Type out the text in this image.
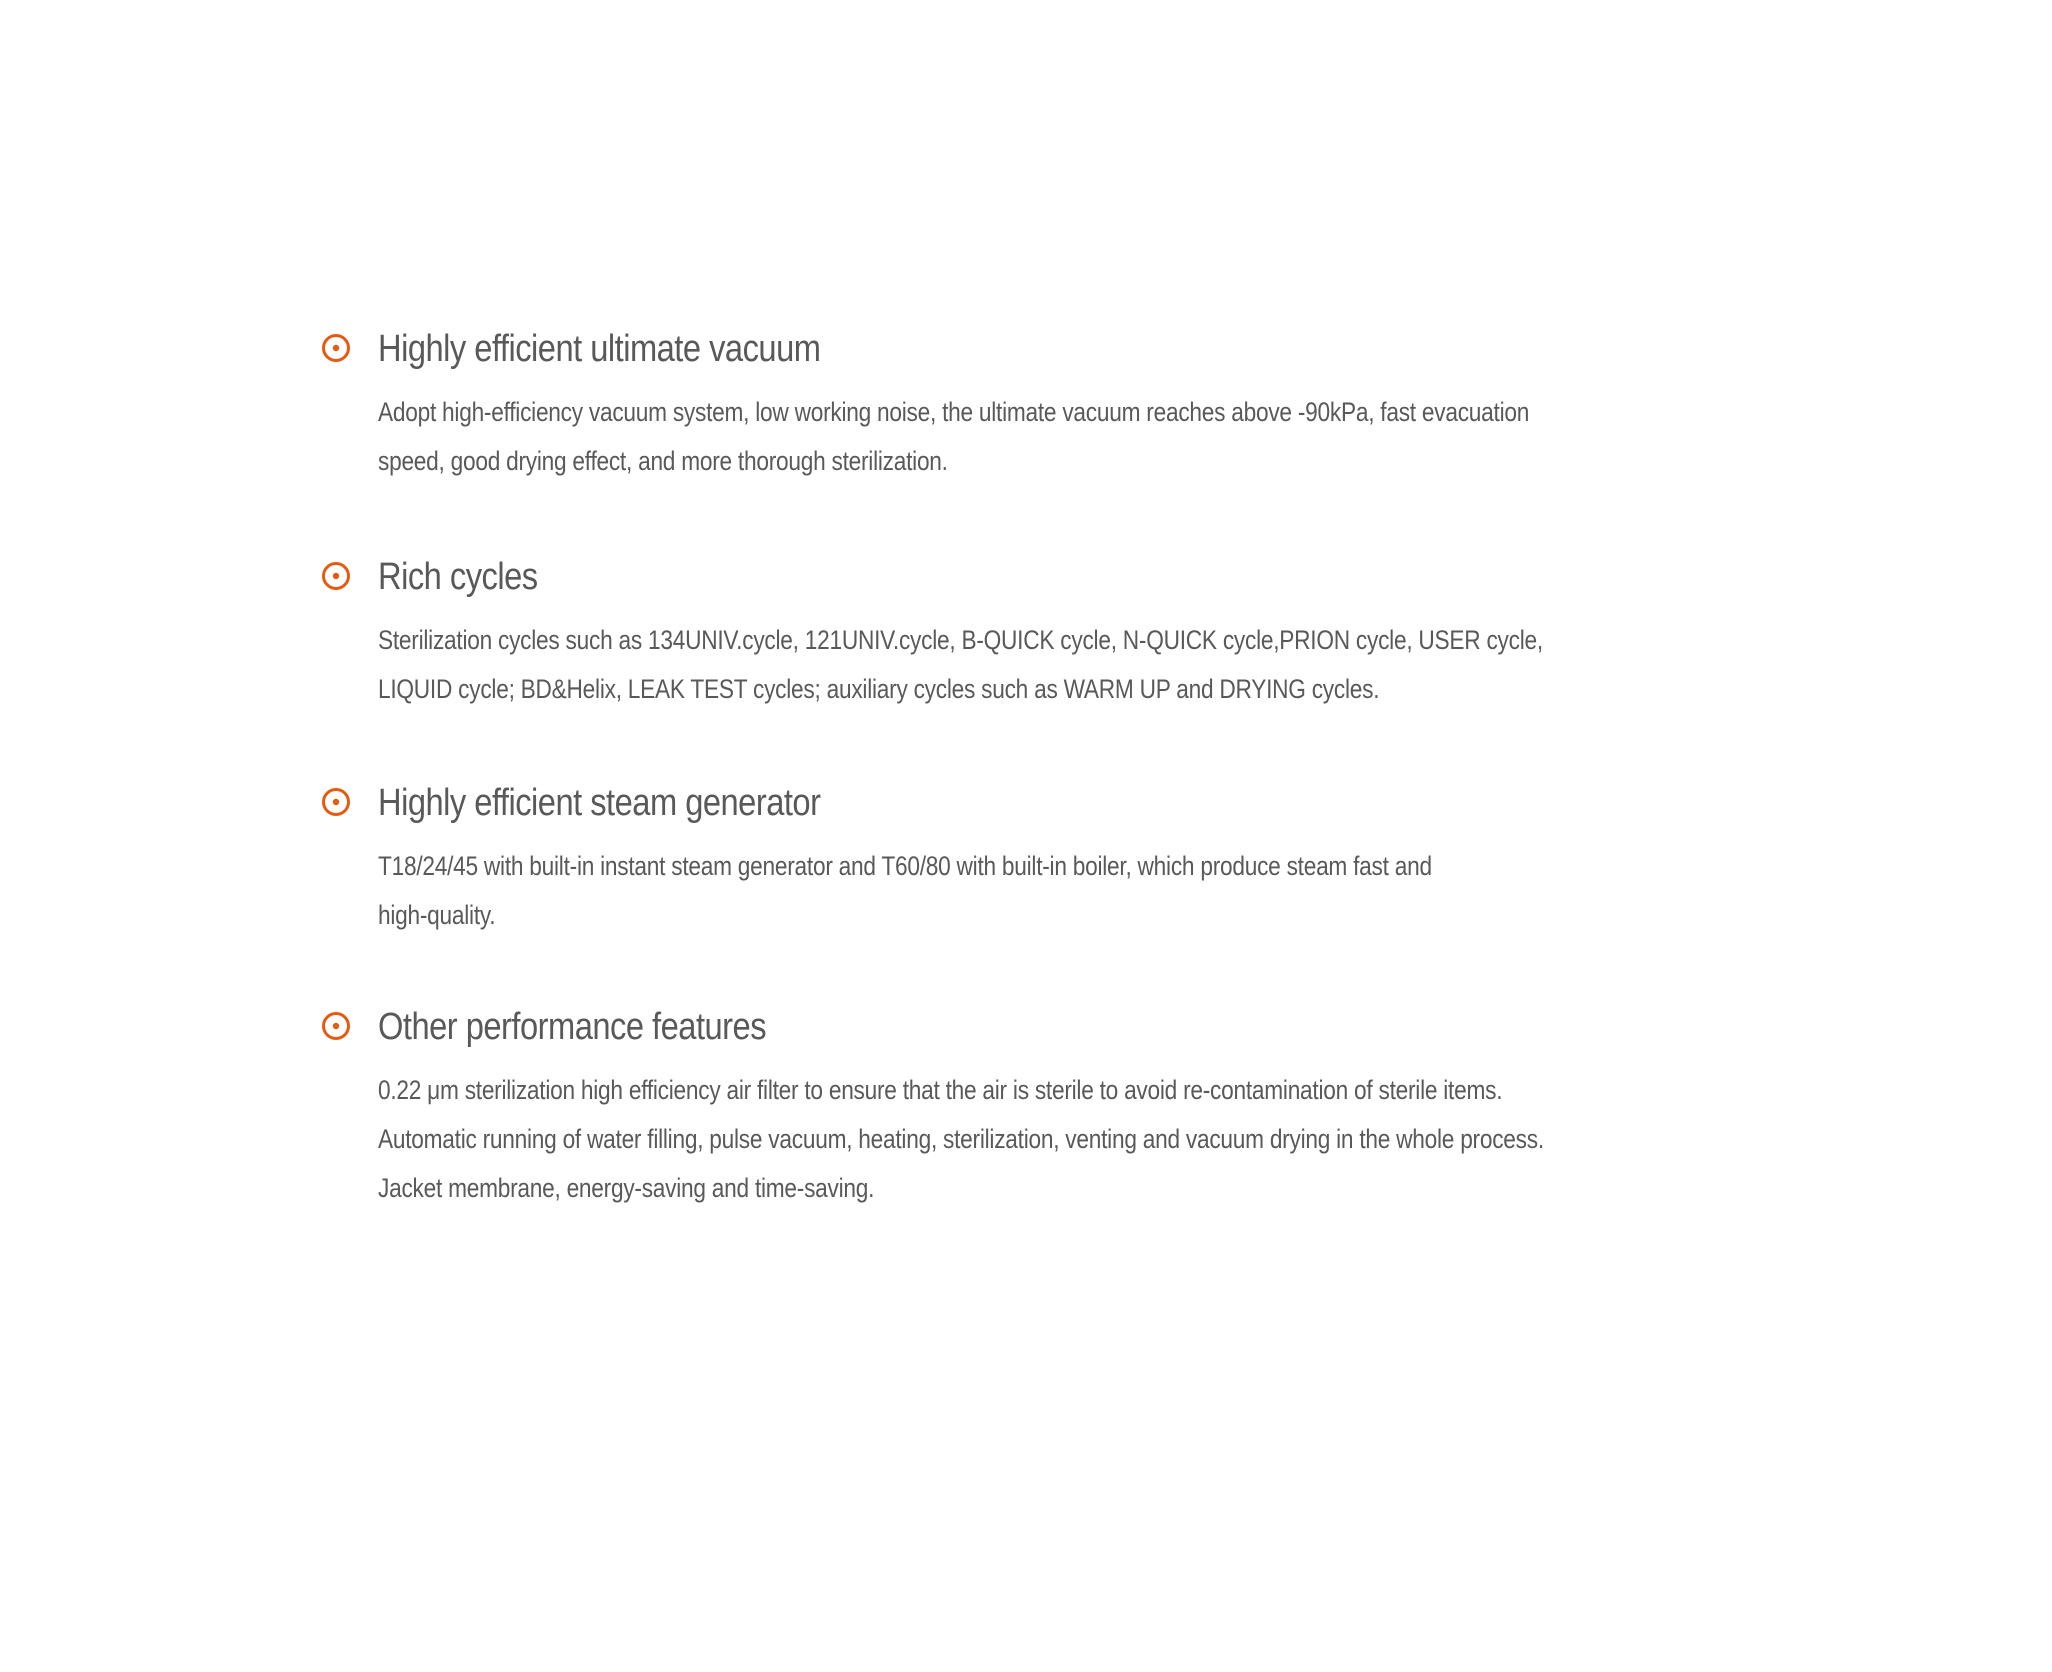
Highly efficient ultimate vacuum

Adopt high-efficiency vacuum system, low working noise, the ultimate vacuum reaches above -90kPa, fast evacuation
speed, good drying effect, and more thorough sterilization.

Rich cycles

Sterilization cycles such as 134UNIV.cycle, 121UNIV.cycle, B-QUICK cycle, N-QUICK cycle,PRION cycle, USER cycle,
LIQUID cycle; BD&Helix, LEAK TEST cycles; auxiliary cycles such as WARM UP and DRYING cycles.

Highly efficient steam generator

T18/24/45 with built-in instant steam generator and T60/80 with built-in boiler, which produce steam fast and
high-quality.

Other performance features

0.22 μm sterilization high efficiency air filter to ensure that the air is sterile to avoid re-contamination of sterile items.
Automatic running of water filling, pulse vacuum, heating, sterilization, venting and vacuum drying in the whole process.
Jacket membrane, energy-saving and time-saving.
